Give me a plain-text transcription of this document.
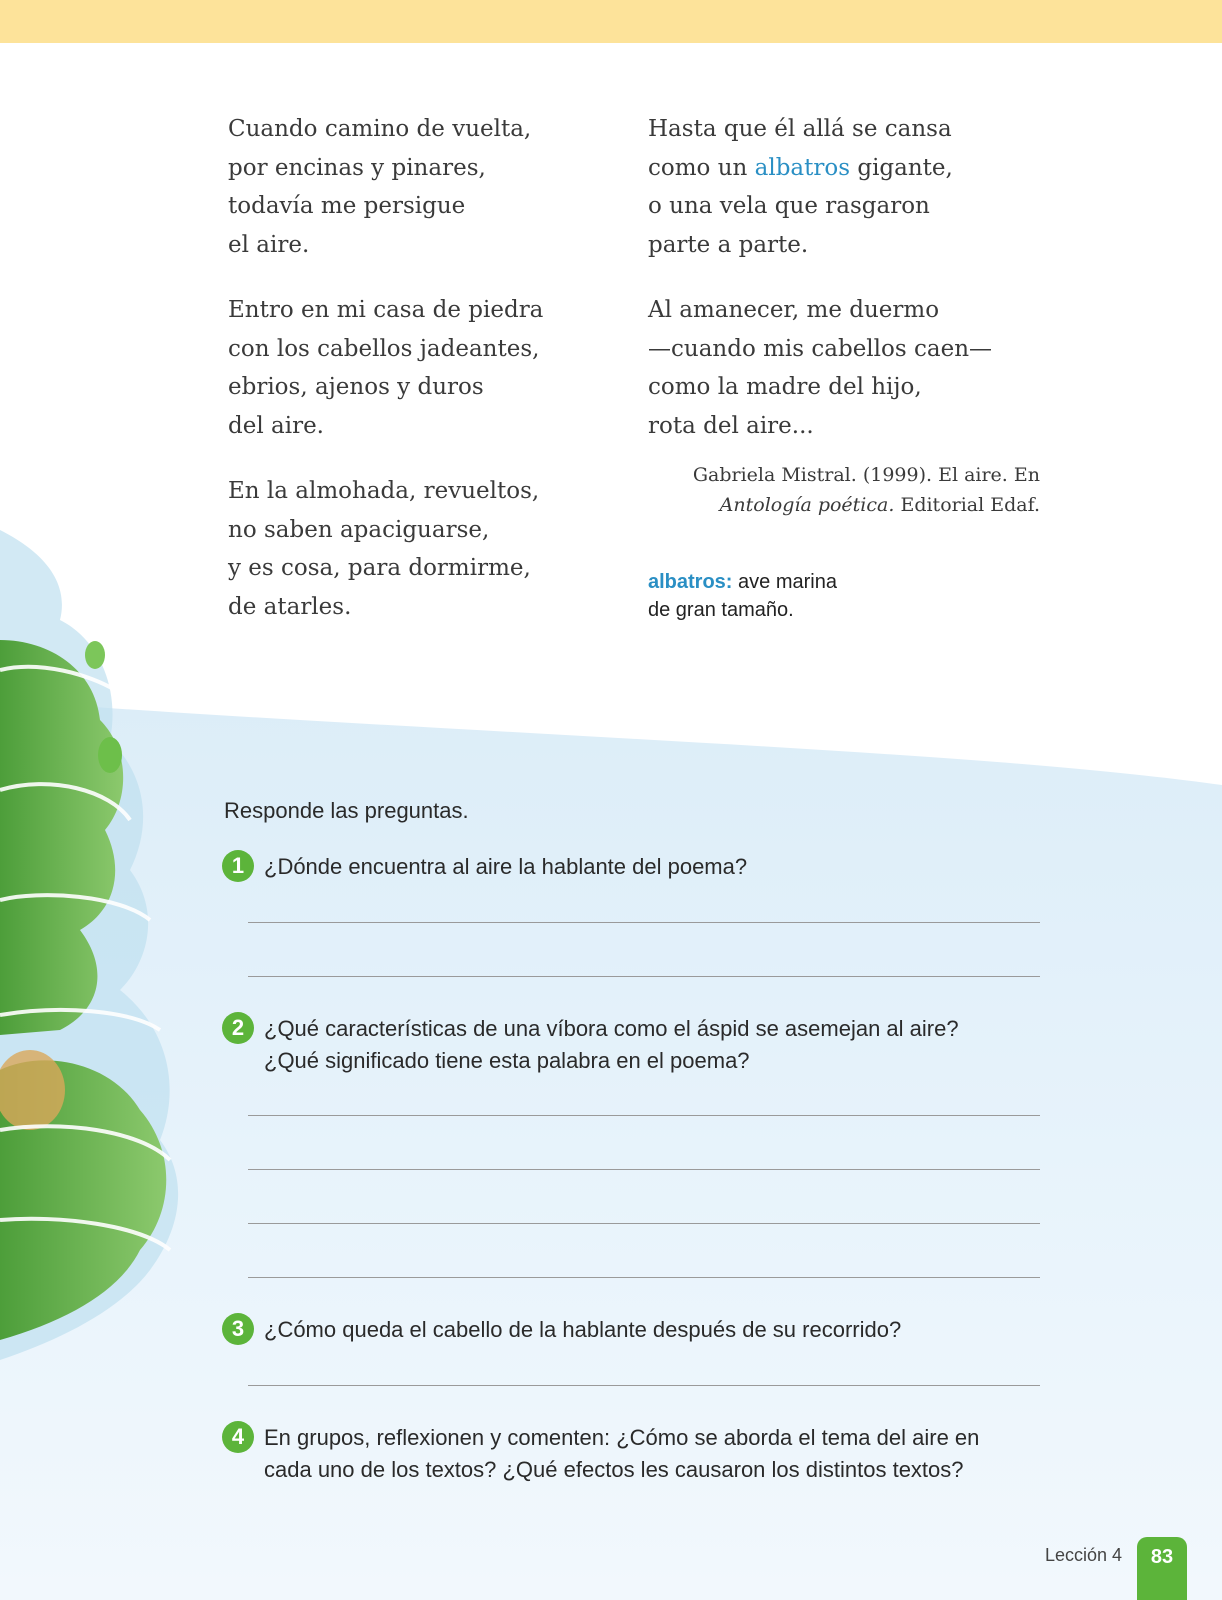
Cuando camino de vuelta,
por encinas y pinares,
todavía me persigue
el aire.
Entro en mi casa de piedra
con los cabellos jadeantes,
ebrios, ajenos y duros
del aire.
En la almohada, revueltos,
no saben apaciguarse,
y es cosa, para dormirme,
de atarles.
Hasta que él allá se cansa
como un albatros gigante,
o una vela que rasgaron
parte a parte.
Al amanecer, me duermo
—cuando mis cabellos caen—
como la madre del hijo,
rota del aire...
Gabriela Mistral. (1999). El aire. En
Antología poética. Editorial Edaf.
albatros: ave marina
de gran tamaño.
Responde las preguntas.
1 ¿Dónde encuentra al aire la hablante del poema?
2 ¿Qué características de una víbora como el áspid se asemejan al aire?
¿Qué significado tiene esta palabra en el poema?
3 ¿Cómo queda el cabello de la hablante después de su recorrido?
4 En grupos, reflexionen y comenten: ¿Cómo se aborda el tema del aire en
cada uno de los textos? ¿Qué efectos les causaron los distintos textos?
Lección 4	83
